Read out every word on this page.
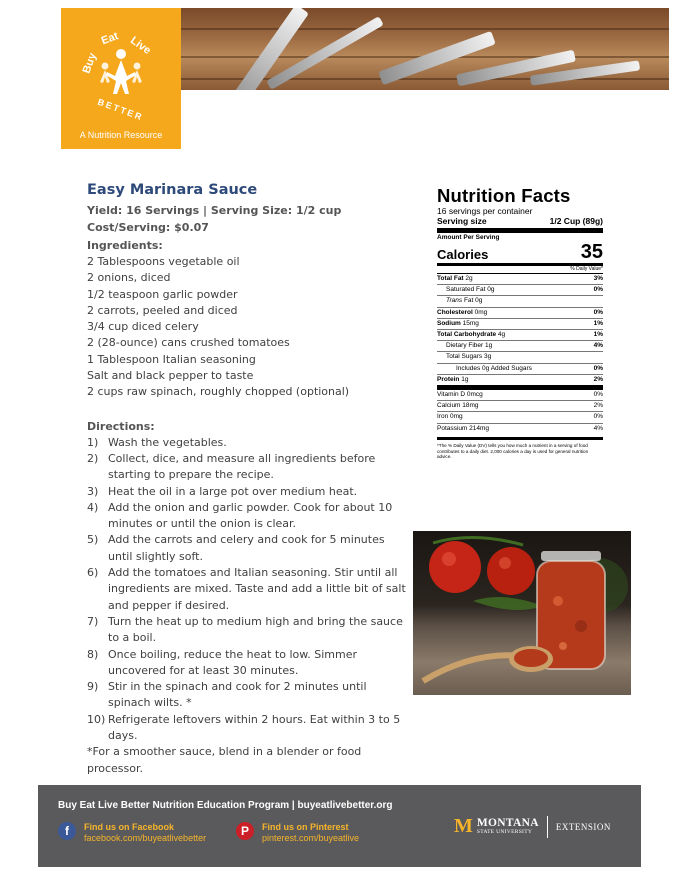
Buy
Eat Live
BETTER
A Nutrition Resource
Easy Marinara Sauce
Yield: 16 Servings | Serving Size: 1/2 cup
Cost/Serving: $0.07
Ingredients:
2 Tablespoons vegetable oil
2 onions, diced
1/2 teaspoon garlic powder
2 carrots, peeled and diced
3/4 cup diced celery
2 (28-ounce) cans crushed tomatoes
1 Tablespoon Italian seasoning
Salt and black pepper to taste
2 cups raw spinach, roughly chopped (optional)
Directions:
1) Wash the vegetables.
2) Collect, dice, and measure all ingredients before starting to prepare the recipe.
3) Heat the oil in a large pot over medium heat.
4) Add the onion and garlic powder. Cook for about 10 minutes or until the onion is clear.
5) Add the carrots and celery and cook for 5 minutes until slightly soft.
6) Add the tomatoes and Italian seasoning. Stir until all ingredients are mixed. Taste and add a little bit of salt and pepper if desired.
7) Turn the heat up to medium high and bring the sauce to a boil.
8) Once boiling, reduce the heat to low. Simmer uncovered for at least 30 minutes.
9) Stir in the spinach and cook for 2 minutes until spinach wilts. *
10) Refrigerate leftovers within 2 hours. Eat within 3 to 5 days.
*For a smoother sauce, blend in a blender or food processor.
Nutrition Facts
16 servings per container
Serving size	1/2 Cup (89g)
Amount Per Serving
Calories	35
% Daily Value*
Total Fat 2g	3%
Saturated Fat 0g	0%
Trans Fat 0g
Cholesterol 0mg	0%
Sodium 15mg	1%
Total Carbohydrate 4g	1%
Dietary Fiber 1g	4%
Total Sugars 3g
Includes 0g Added Sugars	0%
Protein 1g	2%
Vitamin D 0mcg	0%
Calcium 18mg	2%
Iron 0mg	0%
Potassium 214mg	4%
*The % Daily Value (DV) tells you how much a nutrient in a serving of food contributes to a daily diet. 2,000 calories a day is used for general nutrition advice.
Buy Eat Live Better Nutrition Education Program | buyeatlivebetter.org
f	Find us on Facebook
facebook.com/buyeatlivebetter	P	Find us on Pinterest
pinterest.com/buyeatlive
M MONTANA
STATE UNIVERSITY	EXTENSION
